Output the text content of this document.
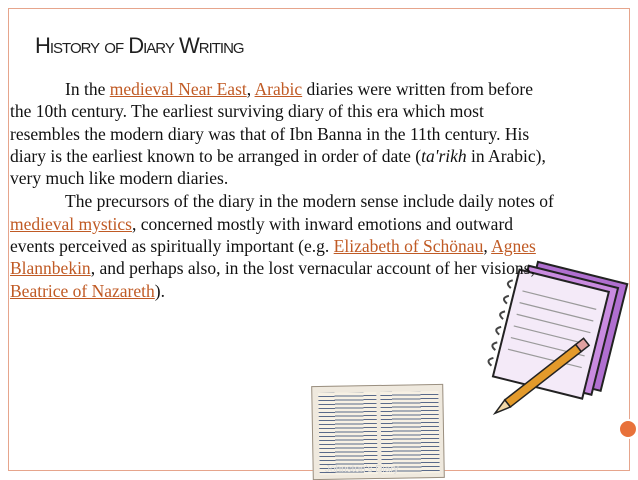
History of Diary Writing
Johnston's Diary

In the medieval Near East, Arabic diaries were written from before the 10th century. The earliest surviving diary of this era which most resembles the modern diary was that of Ibn Banna in the 11th century. His diary is the earliest known to be arranged in order of date (ta'rikh in Arabic), very much like modern diaries.

The precursors of the diary in the modern sense include daily notes of medieval mystics, concerned mostly with inward emotions and outward events perceived as spiritually important (e.g. Elizabeth of Schönau, Agnes Blannbekin, and perhaps also, in the lost vernacular account of her visions, Beatrice of Nazareth).
